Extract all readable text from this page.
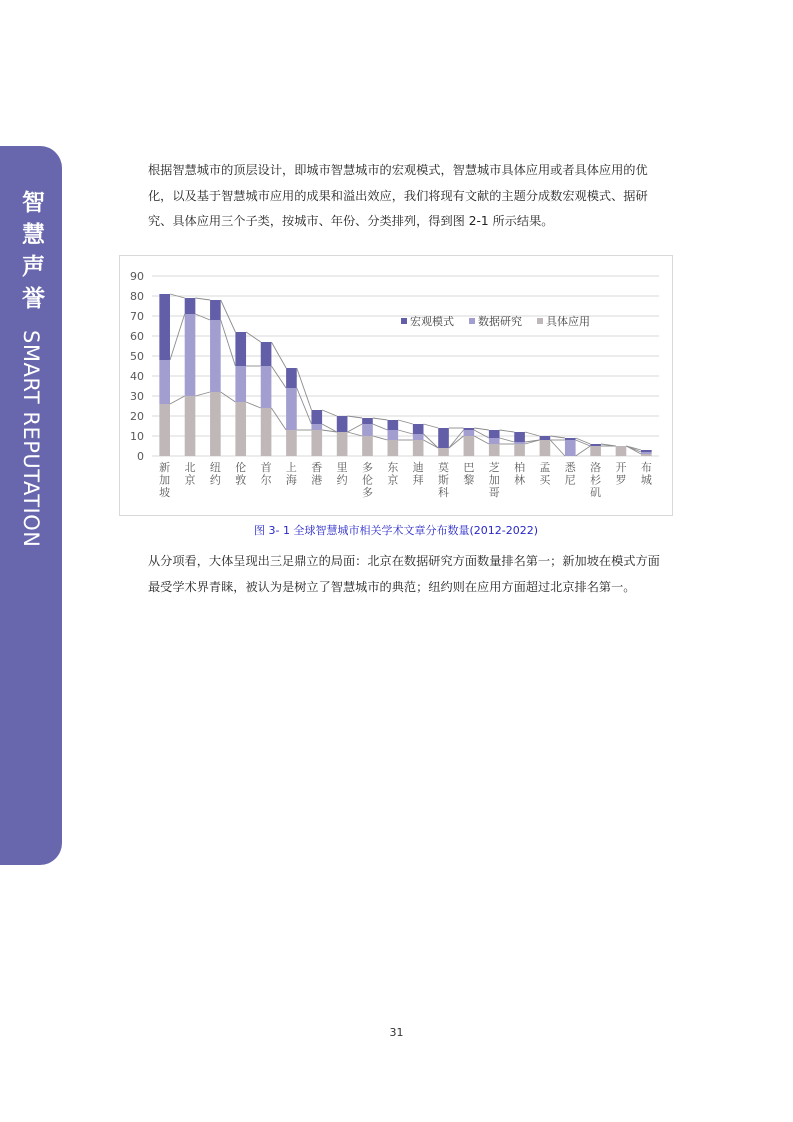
智慧声誉SMART REPUTATION

根据智慧城市的顶层设计，即城市智慧城市的宏观模式，智慧城市具体应用或者具体应用的优化，以及基于智慧城市应用的成果和溢出效应，我们将现有文献的主题分成数宏观模式、据研究、具体应用三个子类，按城市、年份、分类排列，得到图 2-1 所示结果。

0
10
20
30
40
50
60
70
80
90
新加坡
北京
纽约
伦敦
首尔
上海
香港
里约
多伦多
东京
迪拜
莫斯科
巴黎
芝加哥
柏林
孟买
悉尼
洛杉矶
开罗
布城
宏观模式 数据研究 具体应用
图 3- 1 全球智慧城市相关学术文章分布数量(2012-2022)

从分项看，大体呈现出三足鼎立的局面：北京在数据研究方面数量排名第一；新加坡在模式方面最受学术界青睐，被认为是树立了智慧城市的典范；纽约则在应用方面超过北京排名第一。

31
